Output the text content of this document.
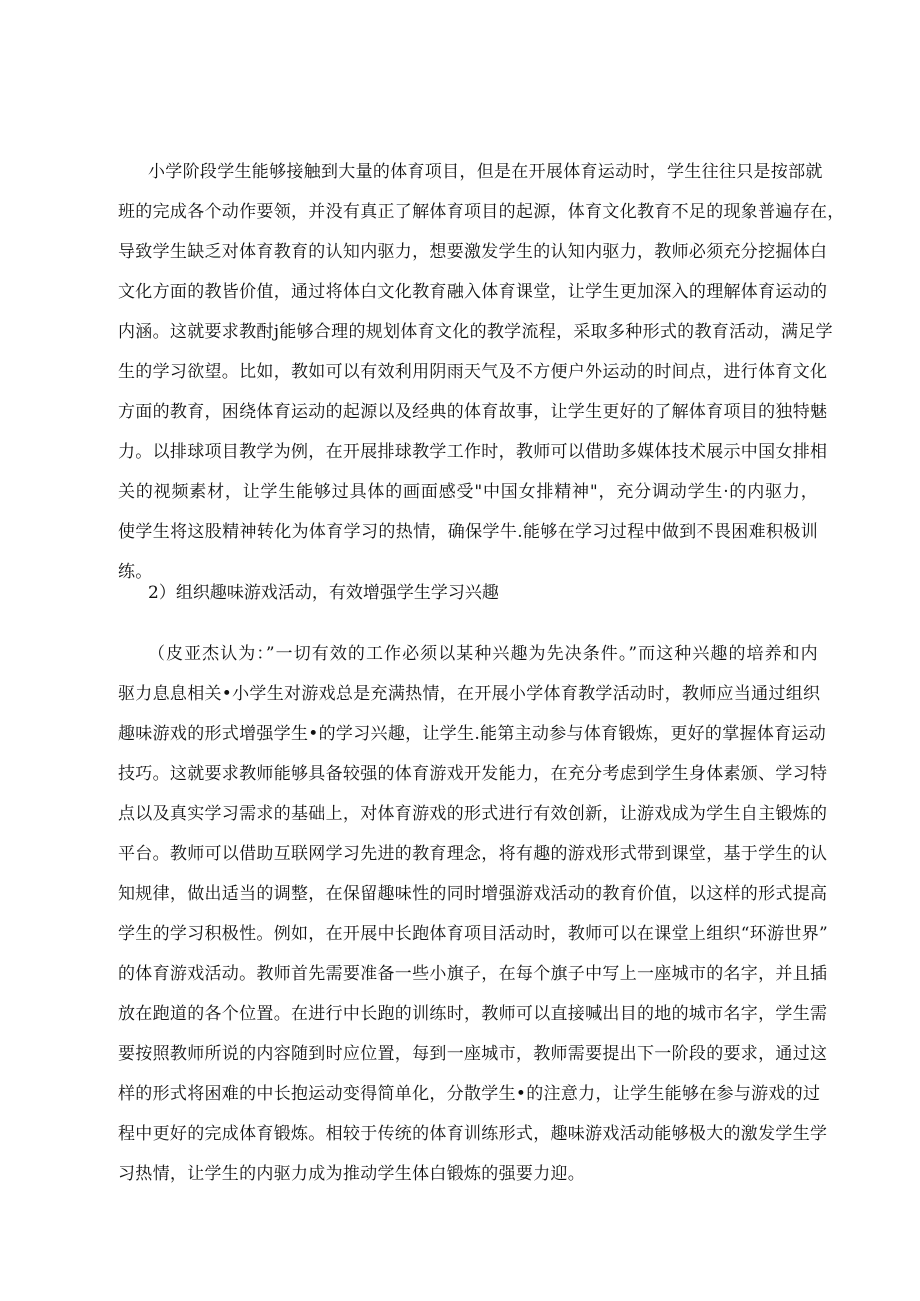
小学阶段学生能够接触到大量的体育项目，但是在开展体育运动时，学生往往只是按部就
班的完成各个动作要领，并没有真正了解体育项目的起源，体育文化教育不足的现象普遍存在，
导致学生缺乏对体育教育的认知内驱力，想要激发学生的认知内驱力，教师必须充分挖掘体白
文化方面的教皆价值，通过将体白文化教育融入体育课堂，让学生更加深入的理解体育运动的
内涵。这就要求教酎j能够合理的规划体育文化的教学流程，采取多种形式的教育活动，满足学
生的学习欲望。比如，教如可以有效利用阴雨天气及不方便户外运动的时间点，进行体育文化
方面的教育，困绕体育运动的起源以及经典的体育故事，让学生更好的了解体育项目的独特魅
力。以排球项目教学为例，在开展排球教学工作时，教师可以借助多媒体技术展示中国女排相
关的视频素材，让学生能够过具体的画面感受"中国女排精神"，充分调动学生·的内驱力，
使学生将这股精神转化为体育学习的热情，确保学牛.能够在学习过程中做到不畏困难积极训
练。
2）组织趣味游戏活动，有效增强学生学习兴趣
（皮亚杰认为：”一切有效的工作必须以某种兴趣为先决条件。”而这种兴趣的培养和内
驱力息息相关•小学生对游戏总是充满热情，在开展小学体育教学活动时，教师应当通过组织
趣味游戏的形式增强学生•的学习兴趣，让学生.能第主动参与体育锻炼，更好的掌握体育运动
技巧。这就要求教师能够具备较强的体育游戏开发能力，在充分考虑到学生身体素颁、学习特
点以及真实学习需求的基础上，对体育游戏的形式进行有效创新，让游戏成为学生自主锻炼的
平台。教师可以借助互联网学习先进的教育理念，将有趣的游戏形式带到课堂，基于学生的认
知规律，做出适当的调整，在保留趣味性的同时增强游戏活动的教育价值，以这样的形式提高
学生的学习积极性。例如，在开展中长跑体育项目活动时，教师可以在课堂上组织“环游世界”
的体育游戏活动。教师首先需要准备一些小旗子，在每个旗子中写上一座城市的名字，并且插
放在跑道的各个位置。在进行中长跑的训练时，教师可以直接喊出目的地的城市名字，学生需
要按照教师所说的内容随到时应位置，每到一座城市，教师需要提出下一阶段的要求，通过这
样的形式将困难的中长抱运动变得简单化，分散学生•的注意力，让学生能够在参与游戏的过
程中更好的完成体育锻炼。相较于传统的体育训练形式，趣味游戏活动能够极大的激发学生学
习热情，让学生的内驱力成为推动学生体白锻炼的强要力迎。
